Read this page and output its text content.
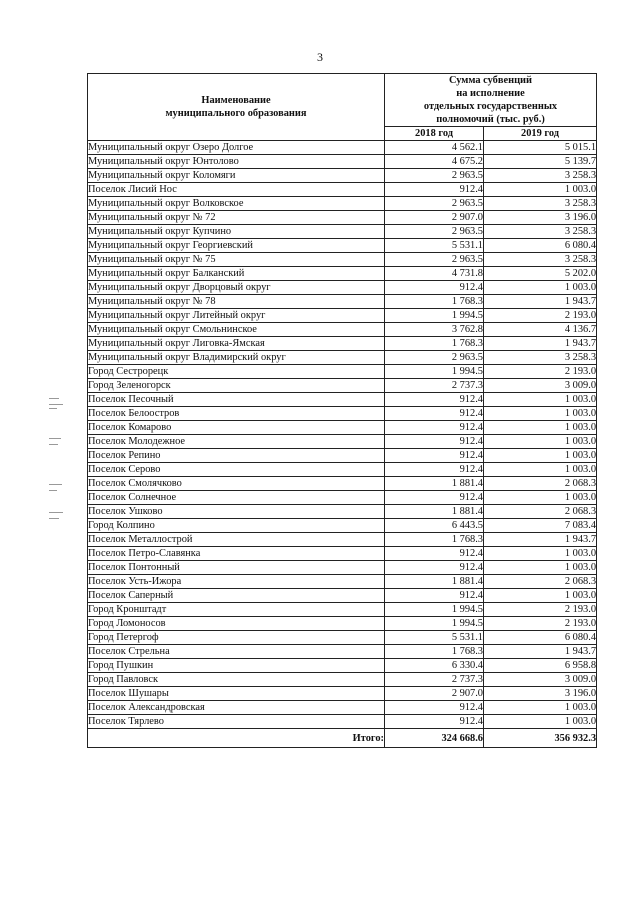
3
Наименование
муниципального образования	Сумма субвенций
на исполнение
отдельных государственных
полномочий (тыс. руб.)	

	2018 год	2019 год
Муниципальный округ Озеро Долгое	4 562.1	5 015.1
Муниципальный округ Юнтолово	4 675.2	5 139.7
Муниципальный округ Коломяги	2 963.5	3 258.3
Поселок Лисий Нос	912.4	1 003.0
Муниципальный округ Волковское	2 963.5	3 258.3
Муниципальный округ № 72	2 907.0	3 196.0
Муниципальный округ Купчино	2 963.5	3 258.3
Муниципальный округ Георгиевский	5 531.1	6 080.4
Муниципальный округ № 75	2 963.5	3 258.3
Муниципальный округ Балканский	4 731.8	5 202.0
Муниципальный округ Дворцовый округ	912.4	1 003.0
Муниципальный округ № 78	1 768.3	1 943.7
Муниципальный округ Литейный округ	1 994.5	2 193.0
Муниципальный округ Смольнинское	3 762.8	4 136.7
Муниципальный округ Лиговка-Ямская	1 768.3	1 943.7
Муниципальный округ Владимирский округ	2 963.5	3 258.3
Город Сестрорецк	1 994.5	2 193.0
Город Зеленогорск	2 737.3	3 009.0
Поселок Песочный	912.4	1 003.0
Поселок Белоостров	912.4	1 003.0
Поселок Комарово	912.4	1 003.0
Поселок Молодежное	912.4	1 003.0
Поселок Репино	912.4	1 003.0
Поселок Серово	912.4	1 003.0
Поселок Смолячково	1 881.4	2 068.3
Поселок Солнечное	912.4	1 003.0
Поселок Ушково	1 881.4	2 068.3
Город Колпино	6 443.5	7 083.4
Поселок Металлострой	1 768.3	1 943.7
Поселок Петро-Славянка	912.4	1 003.0
Поселок Понтонный	912.4	1 003.0
Поселок Усть-Ижора	1 881.4	2 068.3
Поселок Саперный	912.4	1 003.0
Город Кронштадт	1 994.5	2 193.0
Город Ломоносов	1 994.5	2 193.0
Город Петергоф	5 531.1	6 080.4
Поселок Стрельна	1 768.3	1 943.7
Город Пушкин	6 330.4	6 958.8
Город Павловск	2 737.3	3 009.0
Поселок Шушары	2 907.0	3 196.0
Поселок Александровская	912.4	1 003.0
Поселок Тярлево	912.4	1 003.0
Итого:	324 668.6	356 932.3
